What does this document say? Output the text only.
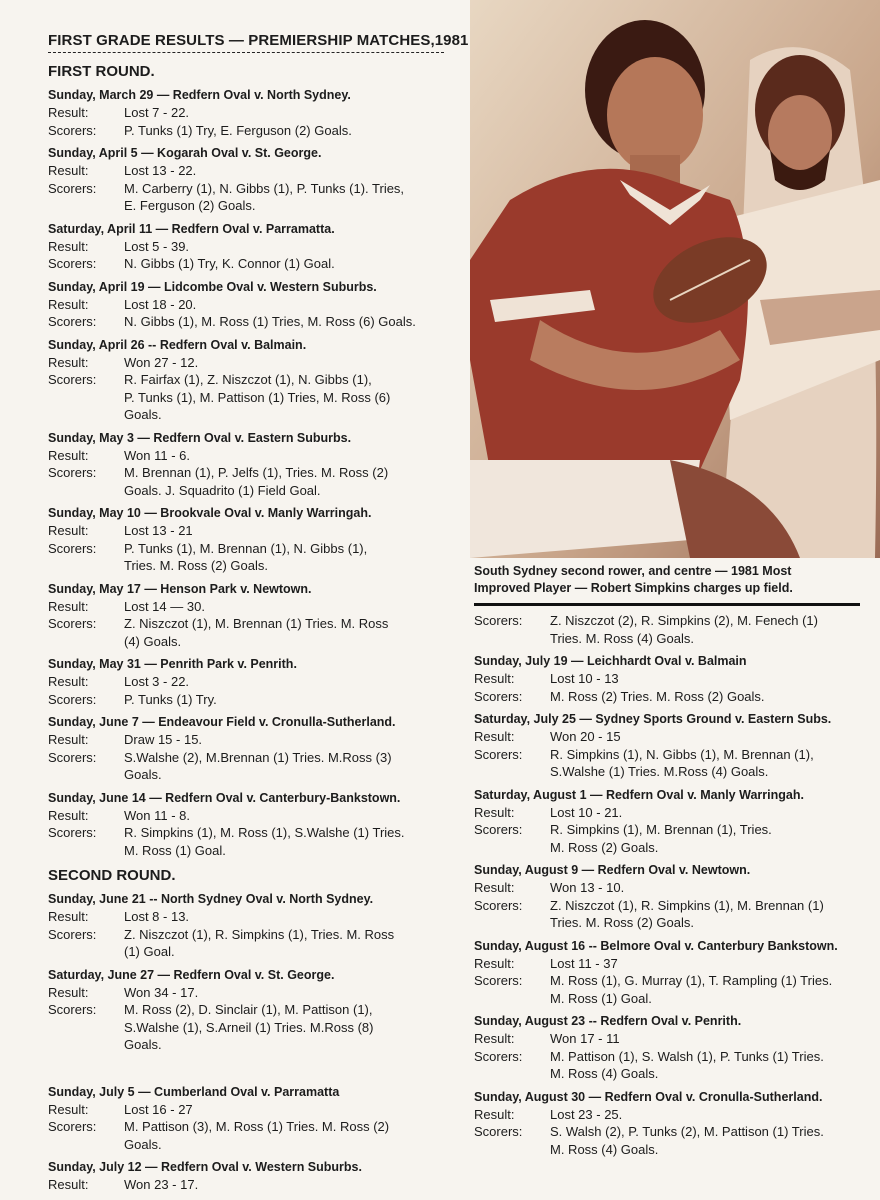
FIRST GRADE RESULTS — PREMIERSHIP MATCHES,1981
FIRST ROUND.
Sunday, March 29 — Redfern Oval v. North Sydney.
Result:	Lost 7 - 22.
Scorers:	P. Tunks (1) Try, E. Ferguson (2) Goals.
Sunday, April 5 — Kogarah Oval v. St. George.
Result:	Lost 13 - 22.
Scorers:	M. Carberry (1), N. Gibbs (1), P. Tunks (1). Tries,
E. Ferguson (2) Goals.
Saturday, April 11 — Redfern Oval v. Parramatta.
Result:	Lost 5 - 39.
Scorers:	N. Gibbs (1) Try, K. Connor (1) Goal.
Sunday, April 19 — Lidcombe Oval v. Western Suburbs.
Result:	Lost 18 - 20.
Scorers:	N. Gibbs (1), M. Ross (1) Tries, M. Ross (6) Goals.
Sunday, April 26 -- Redfern Oval v. Balmain.
Result:	Won 27 - 12.
Scorers:	R. Fairfax (1), Z. Niszczot (1), N. Gibbs (1),
P. Tunks (1), M. Pattison (1) Tries, M. Ross (6)
Goals.
Sunday, May 3 — Redfern Oval v. Eastern Suburbs.
Result:	Won 11 - 6.
Scorers:	M. Brennan (1), P. Jelfs (1), Tries. M. Ross (2)
Goals. J. Squadrito (1) Field Goal.
Sunday, May 10 — Brookvale Oval v. Manly Warringah.
Result:	Lost 13 - 21
Scorers:	P. Tunks (1), M. Brennan (1), N. Gibbs (1),
Tries. M. Ross (2) Goals.
Sunday, May 17 — Henson Park v. Newtown.
Result:	Lost 14 — 30.
Scorers:	Z. Niszczot (1), M. Brennan (1) Tries. M. Ross
(4) Goals.
Sunday, May 31 — Penrith Park v. Penrith.
Result:	Lost 3 - 22.
Scorers:	P. Tunks (1) Try.
Sunday, June 7 — Endeavour Field v. Cronulla-Sutherland.
Result:	Draw 15 - 15.
Scorers:	S.Walshe (2), M.Brennan (1) Tries. M.Ross (3)
Goals.
Sunday, June 14 — Redfern Oval v. Canterbury-Bankstown.
Result:	Won 11 - 8.
Scorers:	R. Simpkins (1), M. Ross (1), S.Walshe (1) Tries.
M. Ross (1) Goal.
SECOND ROUND.
Sunday, June 21 -- North Sydney Oval v. North Sydney.
Result:	Lost 8 - 13.
Scorers:	Z. Niszczot (1), R. Simpkins (1), Tries. M. Ross
(1) Goal.
Saturday, June 27 — Redfern Oval v. St. George.
Result:	Won 34 - 17.
Scorers:	M. Ross (2), D. Sinclair (1), M. Pattison (1),
S.Walshe (1), S.Arneil (1) Tries. M.Ross (8)
Goals.
Sunday, July 5 — Cumberland Oval v. Parramatta
Result:	Lost 16 - 27
Scorers:	M. Pattison (3), M. Ross (1) Tries. M. Ross (2)
Goals.
Sunday, July 12 — Redfern Oval v. Western Suburbs.
Result:	Won 23 - 17.
South Sydney second rower, and centre — 1981 Most
Improved Player — Robert Simpkins charges up field.
Scorers:	Z. Niszczot (2), R. Simpkins (2), M. Fenech (1)
Tries. M. Ross (4) Goals.
Sunday, July 19 — Leichhardt Oval v. Balmain
Result:	Lost 10 - 13
Scorers:	M. Ross (2) Tries. M. Ross (2) Goals.
Saturday, July 25 — Sydney Sports Ground v. Eastern Subs.
Result:	Won 20 - 15
Scorers:	R. Simpkins (1), N. Gibbs (1), M. Brennan (1),
S.Walshe (1) Tries. M.Ross (4) Goals.
Saturday, August 1 — Redfern Oval v. Manly Warringah.
Result:	Lost 10 - 21.
Scorers:	R. Simpkins (1), M. Brennan (1), Tries.
M. Ross (2) Goals.
Sunday, August 9 — Redfern Oval v. Newtown.
Result:	Won 13 - 10.
Scorers:	Z. Niszczot (1), R. Simpkins (1), M. Brennan (1)
Tries. M. Ross (2) Goals.
Sunday, August 16 -- Belmore Oval v. Canterbury Bankstown.
Result:	Lost 11 - 37
Scorers:	M. Ross (1), G. Murray (1), T. Rampling (1) Tries.
M. Ross (1) Goal.
Sunday, August 23 -- Redfern Oval v. Penrith.
Result:	Won 17 - 11
Scorers:	M. Pattison (1), S. Walsh (1), P. Tunks (1) Tries.
M. Ross (4) Goals.
Sunday, August 30 — Redfern Oval v. Cronulla-Sutherland.
Result:	Lost 23 - 25.
Scorers:	S. Walsh (2), P. Tunks (2), M. Pattison (1) Tries.
M. Ross (4) Goals.
